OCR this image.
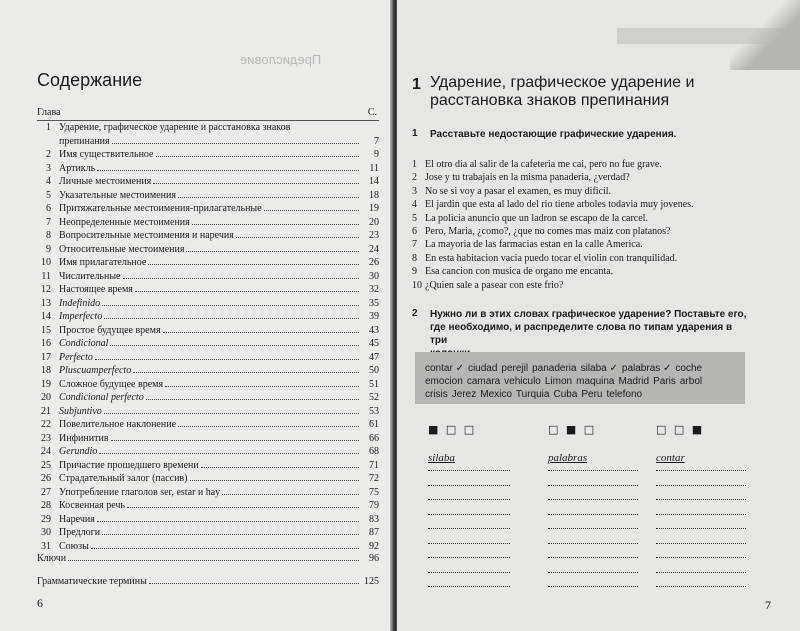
Предисловие
Содержание
Глава	С.
1 Ударение, графическое ударение и расстановка знаков
препинания	7
2 Имя существительное	9
3 Артикль	11
4 Личные местоимения	14
5 Указательные местоимения	18
6 Притяжательные местоимения-прилагательные	19
7 Неопределенные местоимения	20
8 Вопросительные местоимения и наречия	23
9 Относительные местоимения	24
10 Имя прилагательное	26
11 Числительные	30
12 Настоящее время	32
13 Indefinido	35
14 Imperfecto	39
15 Простое будущее время	43
16 Condicional	45
17 Perfecto	47
18 Pluscuamperfecto	50
19 Сложное будущее время	51
20 Condicional perfecto	52
21 Subjuntivo	53
22 Повелительное наклонение	61
23 Инфинитив	66
24 Gerundio	68
25 Причастие прошедшего времени	71
26 Страдательный залог (пассив)	72
27 Употребление глаголов ser, estar и hay	75
28 Косвенная речь	79
29 Наречия	83
30 Предлоги	87
31 Союзы	92
Ключи	96
Грамматические термины	125
6
1 Ударение, графическое ударение и расстановка знаков препинания
1 Расставьте недостающие графические ударения.
1 El otro dia al salir de la cafeteria me cai, pero no fue grave.
2 Jose y tu trabajais en la misma panaderia, ¿verdad?
3 No se si voy a pasar el examen, es muy dificil.
4 El jardin que esta al lado del rio tiene arboles todavia muy jovenes.
5 La policia anuncio que un ladron se escapo de la carcel.
6 Pero, Maria, ¿como?, ¿que no comes mas maiz con platanos?
7 La mayoria de las farmacias estan en la calle America.
8 En esta habitacion vacia puedo tocar el violin con tranquilidad.
9 Esa cancion con musica de organo me encanta.
10 ¿Quien sale a pasear con este frio?
2 Нужно ли в этих словах графическое ударение? Поставьте его,
где необходимо, и распределите слова по типам ударения в три
contar ✓ ciudad perejil panaderia silaba ✓ palabras ✓ coche
emocion camara vehiculo Limon maquina Madrid Paris arbol
crisis Jerez Mexico Turquia Cuba Peru telefono
■ □ □	□ ■ □	□ □ ■
silaba	palabras	contar
7
